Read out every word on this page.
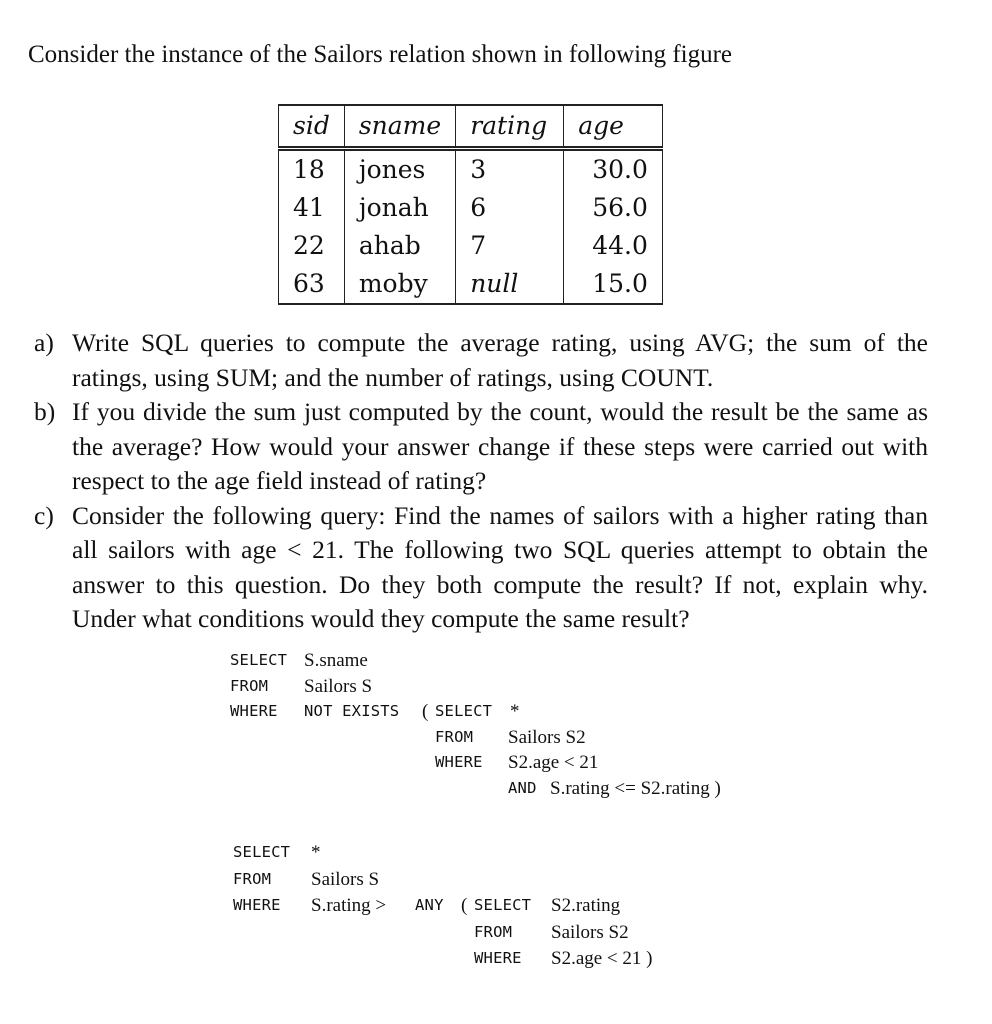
Consider the instance of the Sailors relation shown in following figure
sid	sname	rating	age
18	jones	3	30.0
41	jonah	6	56.0
22	ahab	7	44.0
63	moby	null	15.0
a) Write SQL queries to compute the average rating, using AVG; the sum of the ratings, using SUM; and the number of ratings, using COUNT.
b) If you divide the sum just computed by the count, would the result be the same as the average? How would your answer change if these steps were carried out with respect to the age field instead of rating?
c) Consider the following query: Find the names of sailors with a higher rating than all sailors with age < 21. The following two SQL queries attempt to obtain the answer to this question. Do they both compute the result? If not, explain why. Under what conditions would they compute the same result?
SELECT S.sname
FROM Sailors S
WHERE NOT EXISTS ( SELECT *
FROM Sailors S2
WHERE S2.age < 21
AND S.rating <= S2.rating )
SELECT *
FROM Sailors S
WHERE S.rating > ANY ( SELECT S2.rating
FROM Sailors S2
WHERE S2.age < 21 )
